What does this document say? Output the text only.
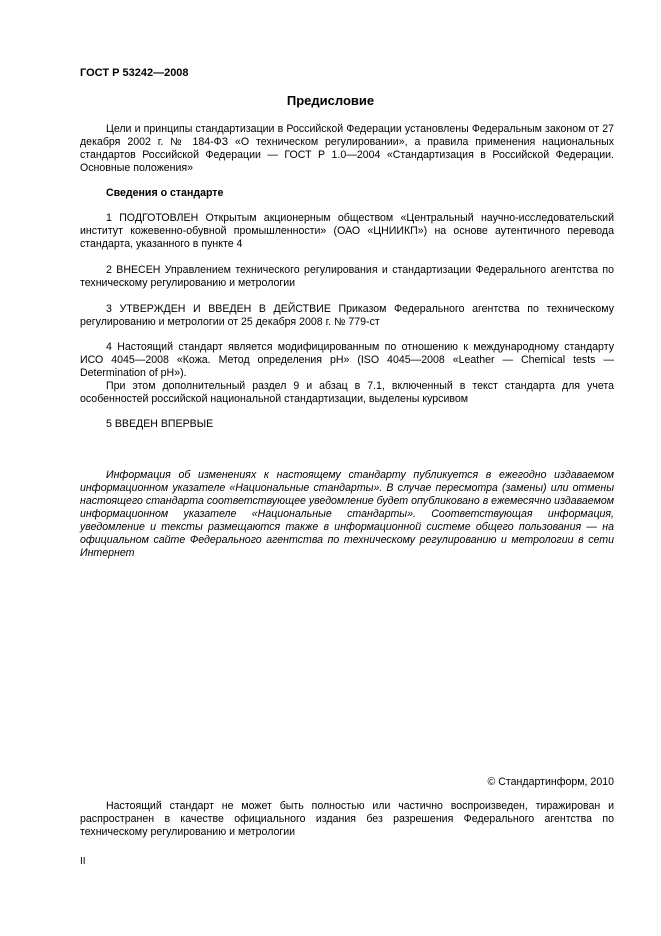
ГОСТ Р 53242—2008
Предисловие
Цели и принципы стандартизации в Российской Федерации установлены Федеральным законом от 27 декабря 2002 г. № 184-ФЗ «О техническом регулировании», а правила применения национальных стандартов Российской Федерации — ГОСТ Р 1.0—2004 «Стандартизация в Российской Федерации. Основные положения»
Сведения о стандарте
1 ПОДГОТОВЛЕН Открытым акционерным обществом «Центральный научно-исследовательский институт кожевенно-обувной промышленности» (ОАО «ЦНИИКП») на основе аутентичного перевода стандарта, указанного в пункте 4
2 ВНЕСЕН Управлением технического регулирования и стандартизации Федерального агентства по техническому регулированию и метрологии
3 УТВЕРЖДЕН И ВВЕДЕН В ДЕЙСТВИЕ Приказом Федерального агентства по техническому регулированию и метрологии от 25 декабря 2008 г. № 779-ст

4 Настоящий стандарт является модифицированным по отношению к международному стандарту ИСО 4045—2008 «Кожа. Метод определения pH» (ISO 4045—2008 «Leather — Chemical tests — Determination of pH»).

При этом дополнительный раздел 9 и абзац в 7.1, включенный в текст стандарта для учета особенностей российской национальной стандартизации, выделены курсивом

5 ВВЕДЕН ВПЕРВЫЕ
Информация об изменениях к настоящему стандарту публикуется в ежегодно издаваемом информационном указателе «Национальные стандарты». В случае пересмотра (замены) или отмены настоящего стандарта соответствующее уведомление будет опубликовано в ежемесячно издаваемом информационном указателе «Национальные стандарты». Соответствующая информация, уведомление и тексты размещаются также в информационной системе общего пользования — на официальном сайте Федерального агентства по техническому регулированию и метрологии в сети Интернет
© Стандартинформ, 2010
Настоящий стандарт не может быть полностью или частично воспроизведен, тиражирован и распространен в качестве официального издания без разрешения Федерального агентства по техническому регулированию и метрологии
II
